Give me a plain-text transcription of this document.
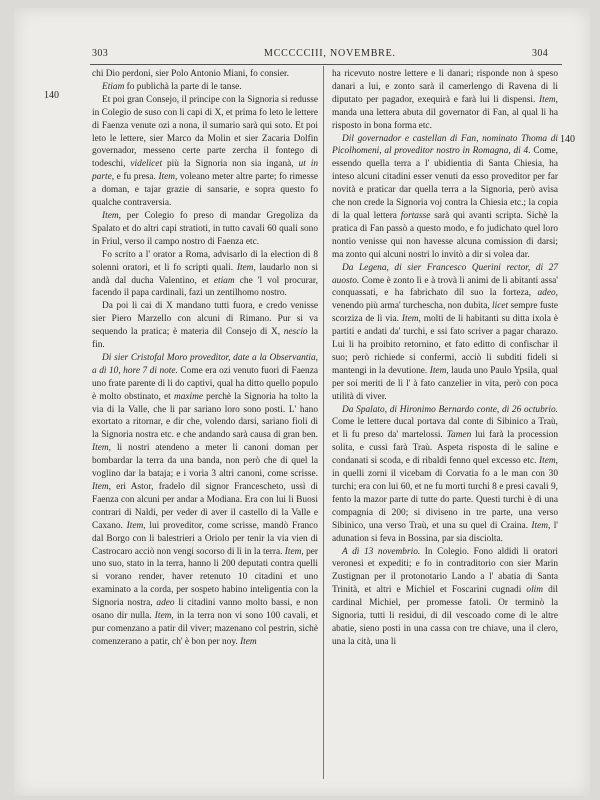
303	MCCCCCIII, NOVEMBRE.	304
140
140

chi Dio perdoni, sier Polo Antonio Miani, fo consier.

Etiam fo publichà la parte di le tanse.

Et poi gran Consejo, il principe con la Signoria si redusse in Colegio de suso con li capi di X, et prima fo leto le lettere di Faenza venute ozi a nona, il sumario sarà qui soto. Et poi leto le lettere, sier Marco da Molin et sier Zacaria Dolfin governador, messeno certe parte zercha il fontego di todeschi, videlicet più la Signoria non sia inganà, ut in parte, e fu presa. Item, voleano meter altre parte; fo rimesse a doman, e tajar grazie di sansarie, e sopra questo fo qualche contraversia.

Item, per Colegio fo preso di mandar Gregoliza da Spalato et do altri capi stratioti, in tutto cavali 60 quali sono in Friul, verso il campo nostro di Faenza etc.

Fo scrito a l' orator a Roma, advisarlo di la election di 8 solenni oratori, et li fo scripti quali. Item, laudarlo non si andà dal ducha Valentino, et etiam che 'l vol procurar, facendo il papa cardinali, fazi un zentilhomo nostro.

Da poi li cai di X mandano tutti fuora, e credo venisse sier Piero Marzello con alcuni di Rimano. Pur si va sequendo la pratica; è materia dil Consejo di X, nescio la fin.

Di sier Cristofal Moro proveditor, date a la Observantia, a dì 10, hore 7 di note. Come era ozi venuto fuori di Faenza uno frate parente di li do captivi, qual ha ditto quello populo è molto obstinato, et maxime perchè la Signoria ha tolto la via di la Valle, che li par sariano loro sono posti. L' hano exortato a ritornar, e dir che, volendo darsi, sariano fioli di la Signoria nostra etc. e che andando sarà causa di gran ben. Item, li nostri atendeno a meter li canoni doman per bombardar la terra da una banda, non però che di quel la voglino dar la bataja; e i voria 3 altri canoni, come scrisse. Item, eri Astor, fradelo dil signor Francescheto, ussì di Faenza con alcuni per andar a Modiana. Era con lui li Buosi contrari di Naldi, per veder di aver il castello di la Valle e Caxano. Item, lui proveditor, come scrisse, mandò Franco dal Borgo con li balestrieri a Oriolo per tenir la via vien di Castrocaro acciò non vengi socorso di lì in la terra. Item, per uno suo, stato in la terra, hanno li 200 deputati contra quelli si vorano render, haver retenuto 10 citadini et uno examinato a la corda, per sospeto habino inteligentia con la Signoria nostra, adeo li citadini vanno molto bassi, e non osano dir nulla. Item, in la terra non vi sono 100 cavali, et pur comenzano a patir dil viver; mazenano col pestrin, sichè comenzerano a patir, ch' è bon per noy. Item

ha ricevuto nostre lettere e li danari; risponde non à speso danari a lui, e zonto sarà il camerlengo di Ravena di li diputato per pagador, exequirà e farà lui li dispensi. Item, manda una lettera abuta dil governator di Fan, al qual li ha risposto in bona forma etc.

Dil governador e castellan di Fan, nominato Thoma di Picolhomeni, al proveditor nostro in Romagna, di 4. Come, essendo quella terra a l' ubidientia di Santa Chiesia, ha inteso alcuni citadini esser venuti da esso proveditor per far novità e praticar dar quella terra a la Signoria, però avisa che non crede la Signoria voj contra la Chiesia etc.; la copia di la qual lettera fortasse sarà qui avanti scripta. Sichè la pratica di Fan passò a questo modo, e fo judichato quel loro nontio venisse qui non havesse alcuna comission di darsi; ma zonto qui alcuni nostri lo invitò a dir si volea dar.

Da Legena, di sier Francesco Querini rector, di 27 auosto. Come è zonto lì e à trovà li animi de li abitanti assa' conquassati, e ha fabrichato dil suo la forteza, adeo, venendo più arma' turchescha, non dubita, licet sempre fuste scorziza de lì via. Item, molti de li habitanti su ditta ixola è partiti e andati da' turchi, e ssi fato scriver a pagar charazo. Lui li ha proibito retornino, et fato editto di confischar il suo; però richiede si confermi, acciò li subditi fideli si mantengi in la devutione. Item, lauda uno Paulo Ypsila, qual per soi meriti de lì l' à fato canzelier in vita, però con poca utilità di viver.

Da Spalato, di Hironimo Bernardo conte, di 26 octubrio. Come le lettere ducal portava dal conte di Sibinico a Traù, et lì fu preso da' martelossi. Tamen lui farà la procession solita, e cussì farà Traù. Aspeta risposta di le saline e condanati si scoda, e di ribaldi fenno quel excesso etc. Item, in quelli zorni il vicebam di Corvatia fo a le man con 30 turchi; era con lui 60, et ne fu morti turchi 8 e presi cavali 9, fento la mazor parte di tutte do parte. Questi turchi è di una compagnia di 200; si diviseno in tre parte, una verso Sibinico, una verso Traù, et una su quel di Craina. Item, l' adunation si feva in Bossina, par sia disciolta.

A dì 13 novembrio. In Colegio. Fono aldidi li oratori veronesi et expediti; e fo in contraditorio con sier Marin Zustignan per il protonotario Lando a l' abatia di Santa Trinità, et altri e Michiel et Foscarini cugnadi olim dil cardinal Michiel, per promesse fatoli. Or terminò la Signoria, tutti li residui, di dil vescoado come di le altre abatie, sieno posti in una cassa con tre chiave, una il clero, una la cità, una li
